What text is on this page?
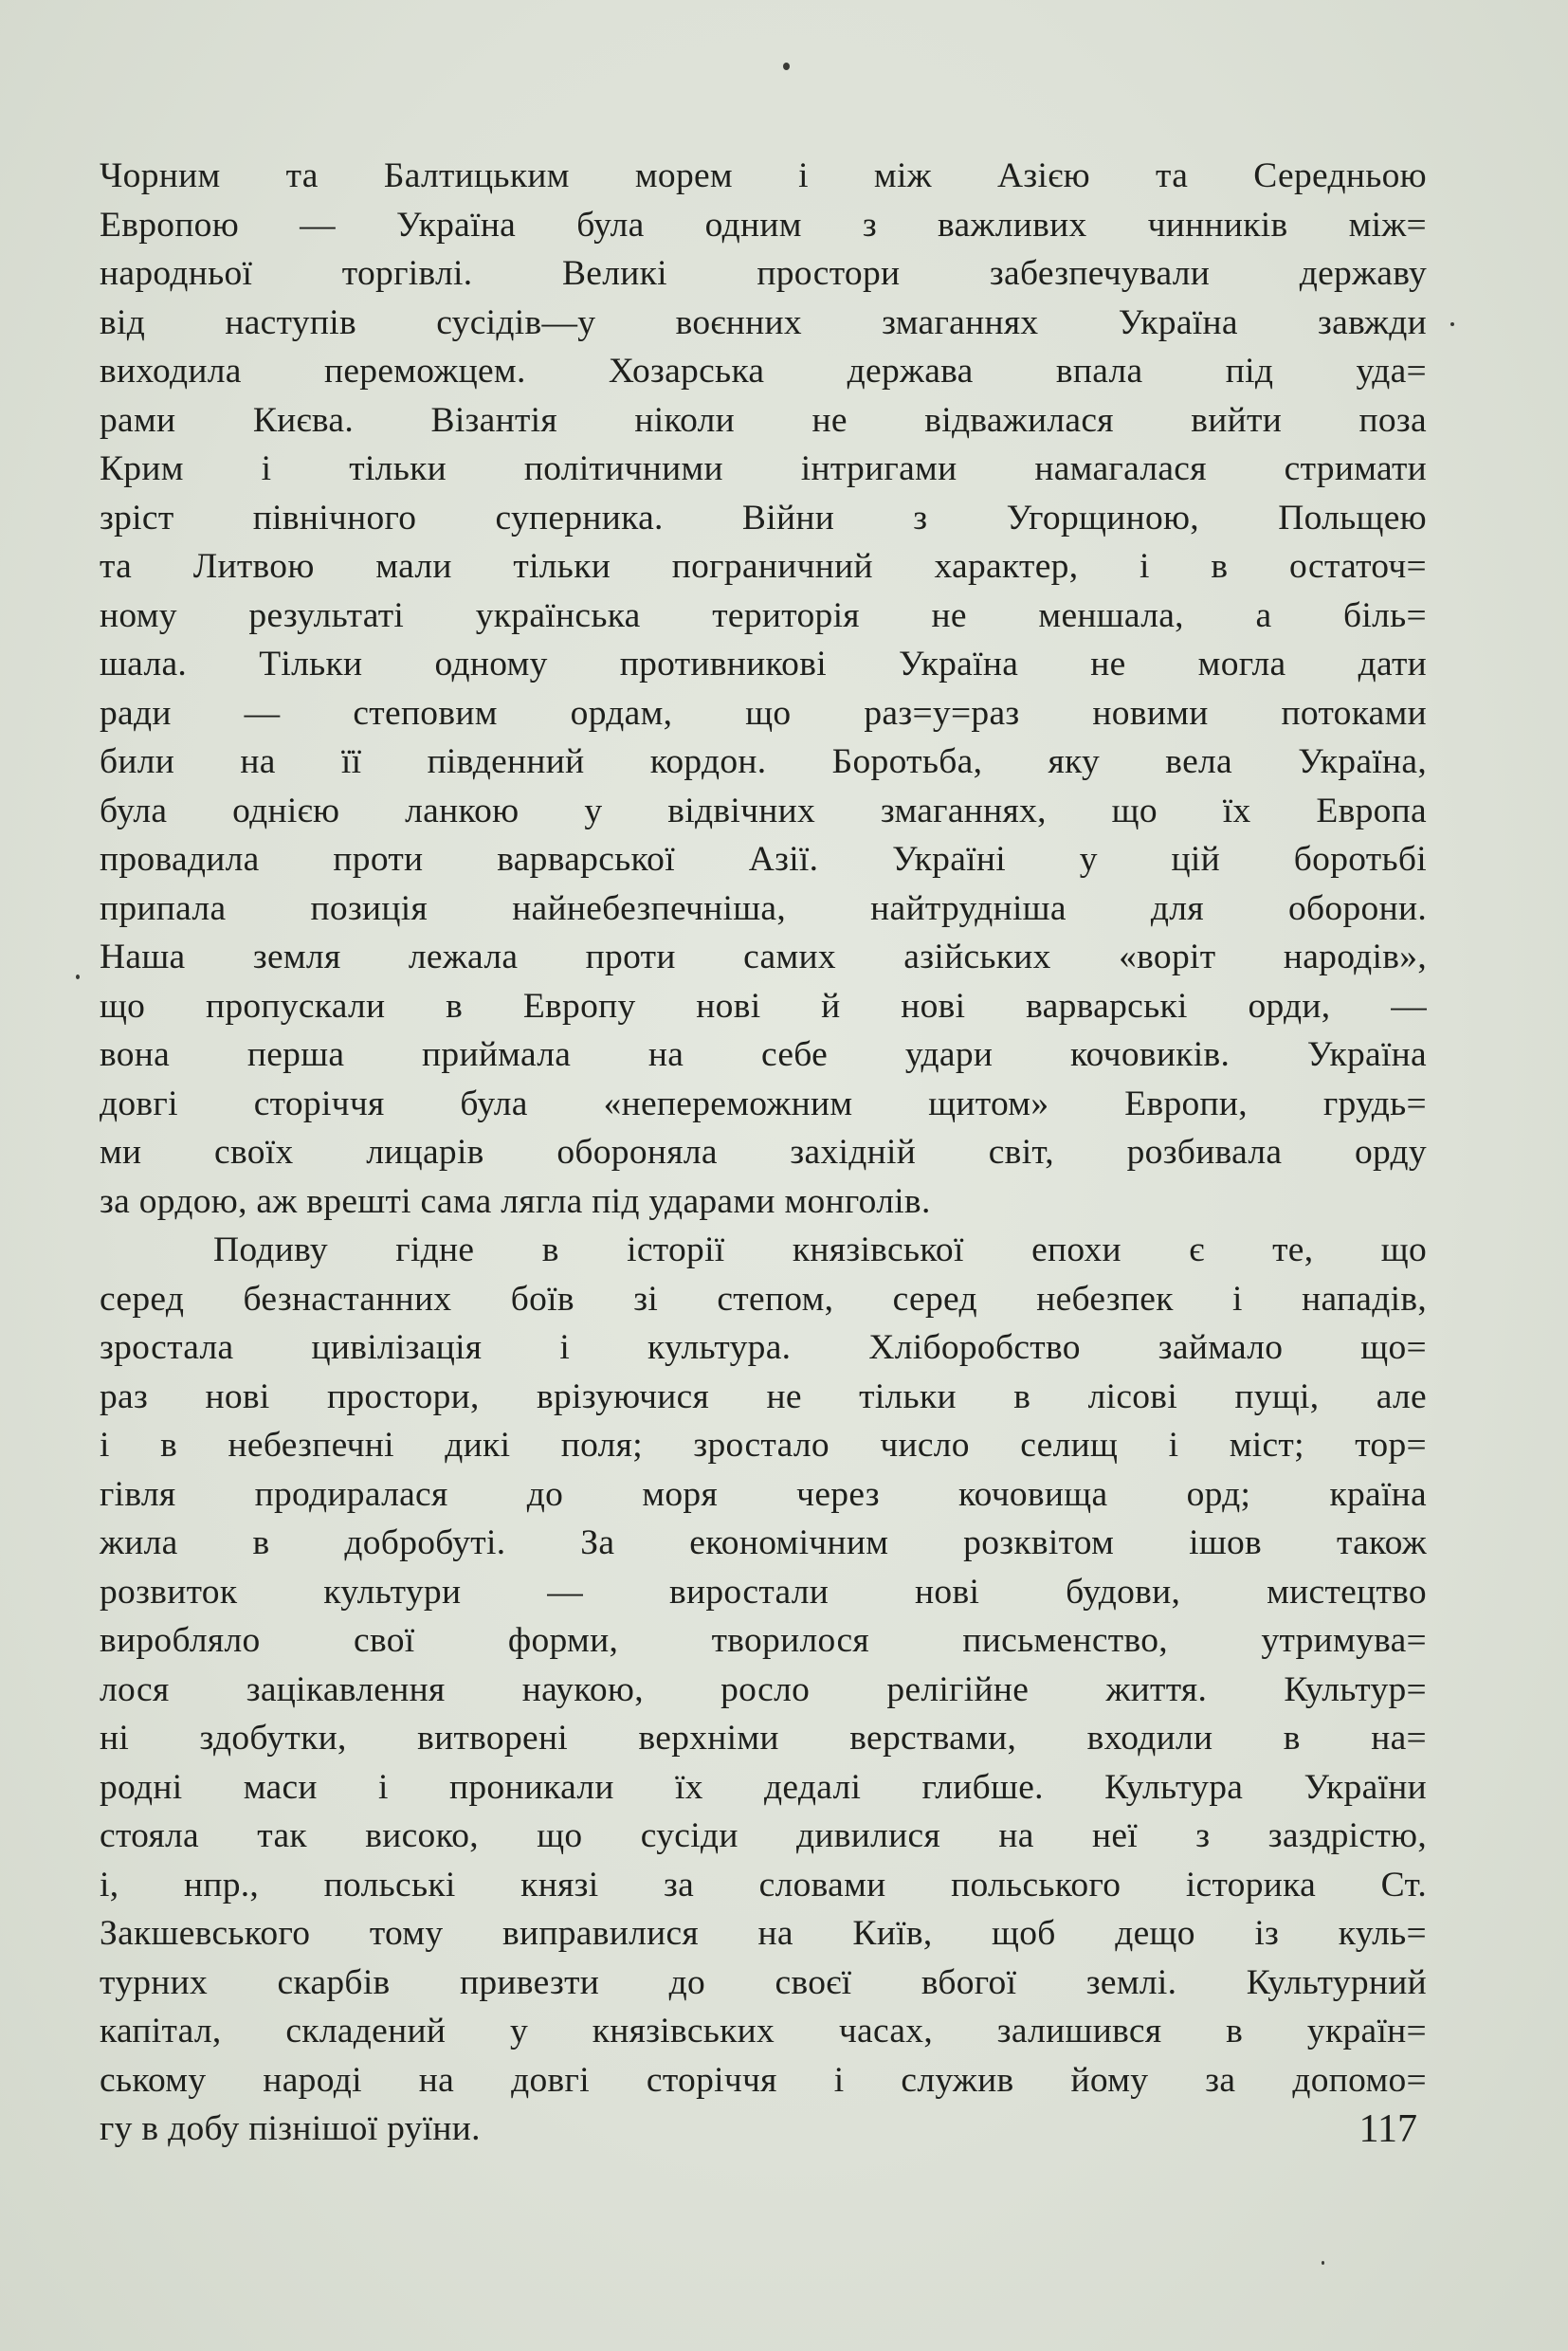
Чорним та Балтицьким морем і між Азією та Середньою
Европою — Україна була одним з важливих чинників між=
народньої торгівлі. Великі простори забезпечували державу
від наступів сусідів—у воєнних змаганнях Україна завжди
виходила переможцем. Хозарська держава впала під уда=
рами Києва. Візантія ніколи не відважилася вийти поза
Крим і тільки політичними інтригами намагалася стримати
зріст північного суперника. Війни з Угорщиною, Польщею
та Литвою мали тільки пограничний характер, і в остаточ=
ному результаті українська територія не меншала, а біль=
шала. Тільки одному противникові Україна не могла дати
ради — степовим ордам, що раз=у=раз новими потоками
били на її південний кордон. Боротьба, яку вела Україна,
була однією ланкою у відвічних змаганнях, що їх Европа
провадила проти варварської Азії. Україні у цій боротьбі
припала позиція найнебезпечніша, найтрудніша для оборони.
Наша земля лежала проти самих азійських «воріт народів»,
що пропускали в Европу нові й нові варварські орди, —
вона перша приймала на себе удари кочовиків. Україна
довгі сторіччя була «непереможним щитом» Европи, грудь=
ми своїх лицарів обороняла західній світ, розбивала орду
за ордою, аж врешті сама лягла під ударами монголів.
Подиву гідне в історії князівської епохи є те, що
серед безнастанних боїв зі степом, серед небезпек і нападів,
зростала цивілізація і культура. Хліборобство займало що=
раз нові простори, врізуючися не тільки в лісові пущі, але
і в небезпечні дикі поля; зростало число селищ і міст; тор=
гівля продиралася до моря через кочовища орд; країна
жила в добробуті. За економічним розквітом ішов також
розвиток культури — виростали нові будови, мистецтво
виробляло свої форми, творилося письменство, утримува=
лося зацікавлення наукою, росло релігійне життя. Культур=
ні здобутки, витворені верхніми верствами, входили в на=
родні маси і проникали їх дедалі глибше. Культура України
стояла так високо, що сусіди дивилися на неї з заздрістю,
і, нпр., польські князі за словами польського історика Ст.
Закшевського тому виправилися на Київ, щоб дещо із куль=
турних скарбів привезти до своєї вбогої землі. Культурний
капітал, складений у князівських часах, залишився в україн=
ському народі на довгі сторіччя і служив йому за допомо=
гу в добу пізнішої руїни.	117
